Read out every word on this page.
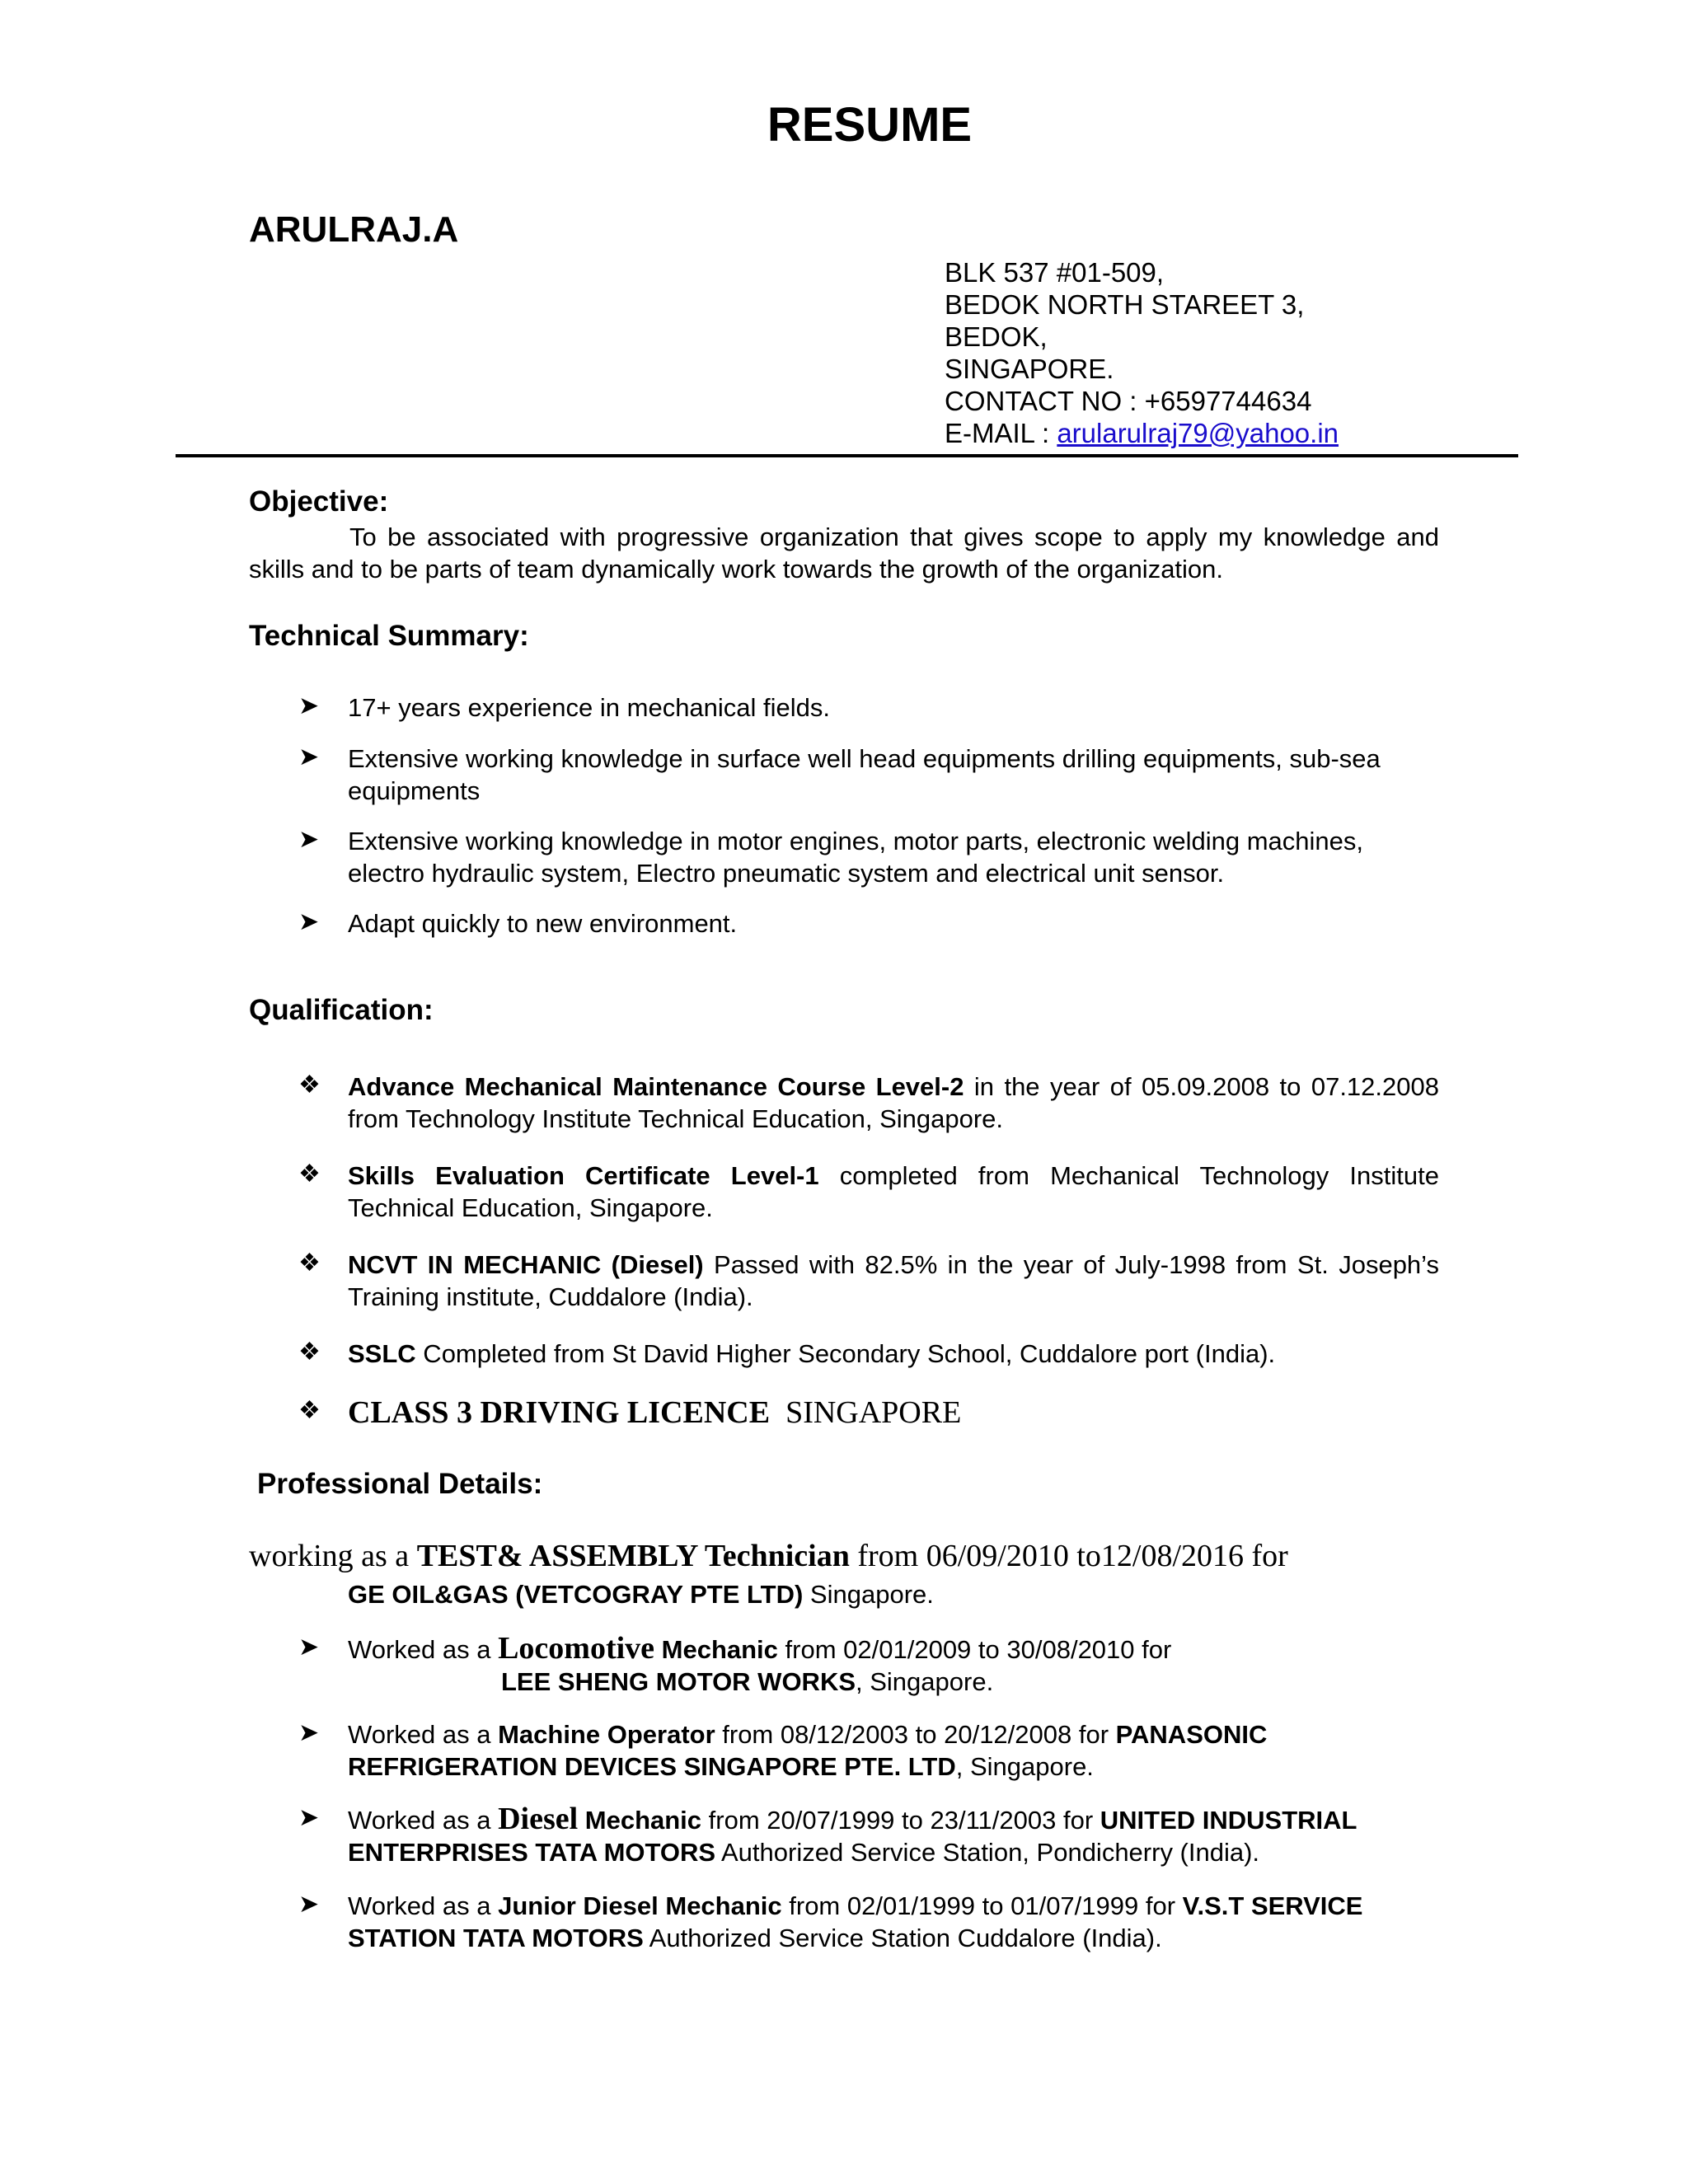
RESUME
ARULRAJ.A
BLK 537 #01-509,
BEDOK NORTH STAREET 3,
BEDOK,
SINGAPORE.
CONTACT NO : +6597744634
E-MAIL : arularulraj79@yahoo.in
Objective:
To be associated with progressive organization that gives scope to apply my knowledge and skills and to be parts of team dynamically work towards the growth of the organization.
Technical Summary:
➤ 17+ years experience in mechanical fields.
➤ Extensive working knowledge in surface well head equipments drilling equipments, sub-sea equipments
➤ Extensive working knowledge in motor engines, motor parts, electronic welding machines, electro hydraulic system, Electro pneumatic system and electrical unit sensor.
➤ Adapt quickly to new environment.
Qualification:
❖ Advance Mechanical Maintenance Course Level-2 in the year of 05.09.2008 to 07.12.2008 from Technology Institute Technical Education, Singapore.
❖ Skills Evaluation Certificate Level-1 completed from Mechanical Technology Institute Technical Education, Singapore.
❖ NCVT IN MECHANIC (Diesel) Passed with 82.5% in the year of July-1998 from St. Joseph’s Training institute, Cuddalore (India).
❖ SSLC Completed from St David Higher Secondary School, Cuddalore port (India).
❖ CLASS 3 DRIVING LICENCE  SINGAPORE
Professional Details:
working as a TEST& ASSEMBLY Technician from 06/09/2010 to12/08/2016 for
GE OIL&GAS (VETCOGRAY PTE LTD) Singapore.
➤ Worked as a Locomotive Mechanic from 02/01/2009 to 30/08/2010 for
LEE SHENG MOTOR WORKS, Singapore.
➤ Worked as a Machine Operator from 08/12/2003 to 20/12/2008 for PANASONIC REFRIGERATION DEVICES SINGAPORE PTE. LTD, Singapore.
➤ Worked as a Diesel Mechanic from 20/07/1999 to 23/11/2003 for UNITED INDUSTRIAL ENTERPRISES TATA MOTORS Authorized Service Station, Pondicherry (India).
➤ Worked as a Junior Diesel Mechanic from 02/01/1999 to 01/07/1999 for V.S.T SERVICE STATION TATA MOTORS Authorized Service Station Cuddalore (India).
